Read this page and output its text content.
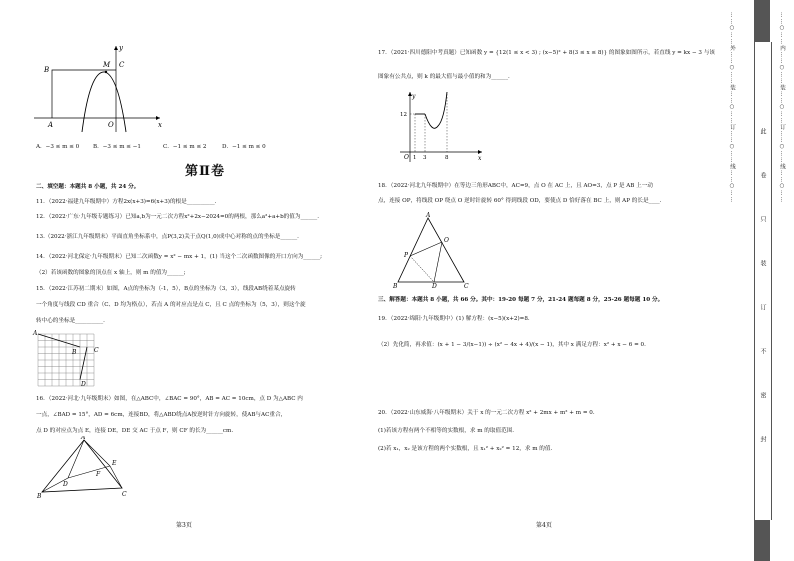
B
C
M
A	O	x
y
A．−3 ≤ m ≤ 0 B．−3 ≤ m ≤ −1	C．−1 ≤ m ≤ 2	D．−1 ≤ m ≤ 0
第Ⅱ卷
二、填空题：本题共 8 小题，共 24 分。
11．（2022·福建九年级期中）方程2x(x+3)=6(x+3)的根是__________.
12．（2022·广东·九年级专题练习）已知a,b为一元二次方程x²+2x−2024=0的两根，那么a²+a+b的值为______.
13.（2022·浙江九年级期末）平面直角坐标系中，点P(3,2)关于点Q(1,0)成中心对称的点的坐标是______.
14．（2022·河北保定·九年级期末）已知二次函数y = x² − mx + 1，(1) 当这个二次函数图像的开口方向为______;
（2）若该函数的图象的顶点在 x 轴上，则 m 的值为______;
15．（2022·江苏初二期末）如图，A点的坐标为（-1，5），B点的坐标为（3，3），线段AB绕着某点旋转
一个角度与线段 CD 重合（C、D 均为格点），若点 A 的对应点是点 C，且 C 点的坐标为（5，3），则这个旋
转中心的坐标是__________.
A
B	C
D
16．（2022·河北·九年级期末）如图，在△ABC中，∠BAC = 90°，AB = AC = 10cm，点 D 为△ABC 内
一点，∠BAD = 15°，AD = 6cm，连接BD，将△ABD绕点A按逆时针方向旋转，使AB与AC重合，
点 D 的对应点为点 E，连接 DE，DE 交 AC 于点 F，则 CF 的长为______cm.
A
B	C
D
E
F
第3页
17．（2021·四川德阳中考真题）已知函数 y = {12(1 ≤ x < 3) ; (x−5)² + 8(3 ≤ x ≤ 8)} 的图象如图所示，若直线 y = kx − 3 与该
图象有公共点，则 k 的最大值与最小值的和为______.
y
x
O
12
1 3	8
18．（2022·河北九年级期中）在等边三角形ABC中，AC=9，点 O 在 AC 上，且 AO=3，点 P 是 AB 上一动
点，连接 OP，将线段 OP 绕点 O 逆时针旋转 60° 得到线段 OD，要使点 D 恰好落在 BC 上，则 AP 的长是____.
A
B	C
D
O
P
三、解答题：本题共 8 小题，共 66 分。其中：19-20 每题 7 分，21-24 题每题 8 分，25-26 题每题 10 分。
19．（2022·绵阳·九年级期中）(1) 解方程：(x−5)(x+2)=8.
（2）先化简，再求值：(x + 1 − 3/(x−1)) ÷ (x² − 4x + 4)/(x − 1)，其中 x 满足方程：x² + x − 6 = 0.
20．（2022·山东威海·八年级期末）关于 x 的一元二次方程 x² + 2mx + m² + m = 0.
(1)若该方程有两个不相等的实数根，求 m 的取值范围.
(2)若 x₁，x₂ 是该方程的两个实数根，且 x₁² + x₂² = 12，求 m 的值.
第4页
……○……外……○……装……○……订……○……线……○……	……○……内……○……装……○……订……○……线……○……
此
卷
只
装
订
不
密
封
